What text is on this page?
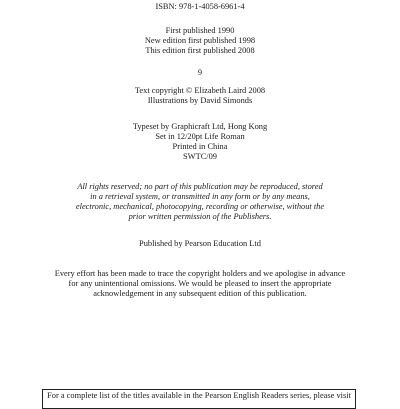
ISBN: 978-1-4058-6961-4
First published 1990
New edition first published 1998
This edition first published 2008
9
Text copyright © Elizabeth Laird 2008
Illustrations by David Simonds
Typeset by Graphicraft Ltd, Hong Kong
Set in 12/20pt Life Roman
Printed in China
SWTC/09
All rights reserved; no part of this publication may be reproduced, stored
in a retrieval system, or transmitted in any form or by any means,
electronic, mechanical, photocopying, recording or otherwise, without the
prior written permission of the Publishers.
Published by Pearson Education Ltd
Every effort has been made to trace the copyright holders and we apologise in advance
for any unintentional omissions. We would be pleased to insert the appropriate
acknowledgement in any subsequent edition of this publication.
For a complete list of the titles available in the Pearson English Readers series, please visit
